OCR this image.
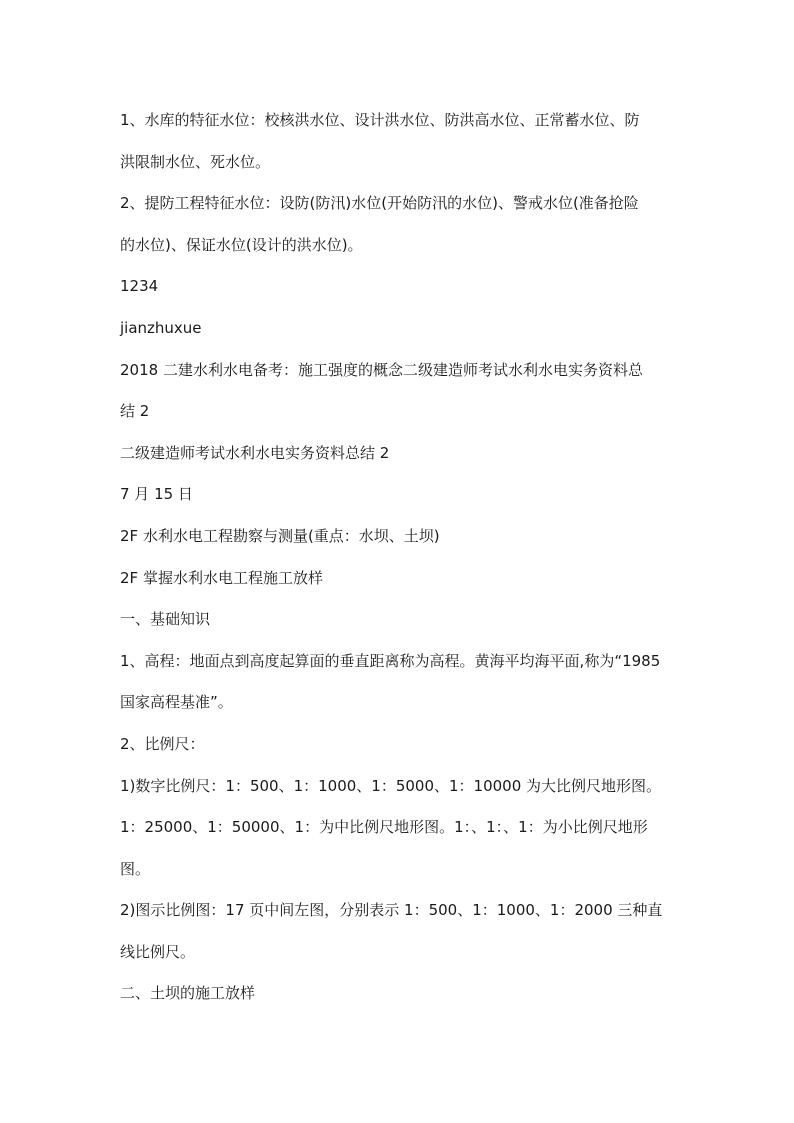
1、水库的特征水位：校核洪水位、设计洪水位、防洪高水位、正常蓄水位、防

洪限制水位、死水位。

2、提防工程特征水位：设防(防汛)水位(开始防汛的水位)、警戒水位(准备抢险

的水位)、保证水位(设计的洪水位)。

1234

jianzhuxue

2018 二建水利水电备考：施工强度的概念二级建造师考试水利水电实务资料总

结 2

二级建造师考试水利水电实务资料总结 2

7 月 15 日

2F 水利水电工程勘察与测量(重点：水坝、土坝)

2F 掌握水利水电工程施工放样

一、基础知识

1、高程：地面点到高度起算面的垂直距离称为高程。黄海平均海平面,称为“1985

国家高程基准”。

2、比例尺：

1)数字比例尺：1：500、1：1000、1：5000、1：10000 为大比例尺地形图。

1：25000、1：50000、1：为中比例尺地形图。1：、1：、1：为小比例尺地形

图。

2)图示比例图：17 页中间左图，分别表示 1：500、1：1000、1：2000 三种直

线比例尺。

二、土坝的施工放样
